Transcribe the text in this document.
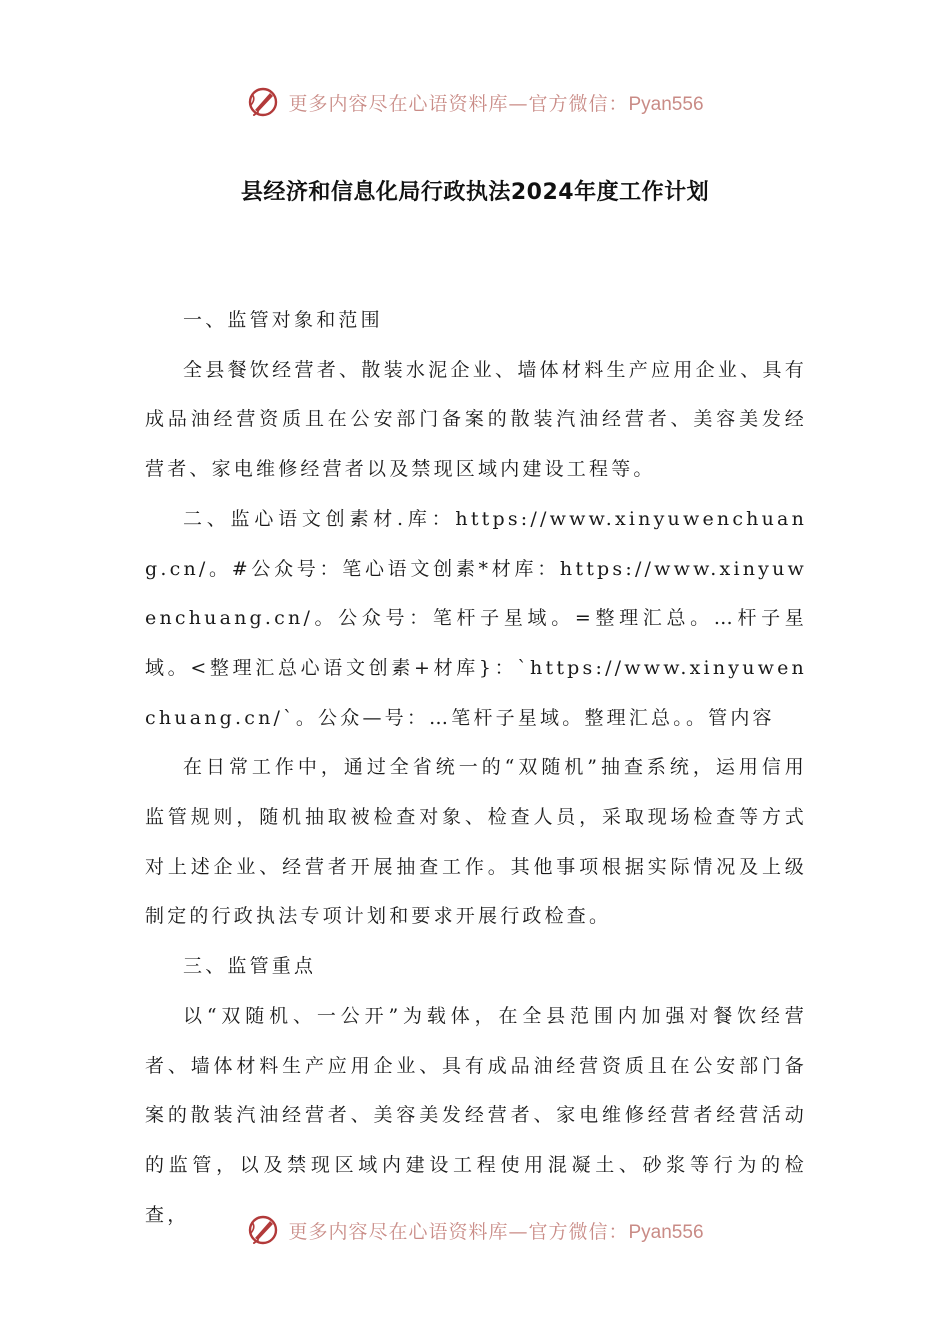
更多内容尽在心语资料库—官方微信：Pyan556
县经济和信息化局行政执法2024年度工作计划

一、监管对象和范围

全县餐饮经营者、散装水泥企业、墙体材料生产应用企业、具有成品油经营资质且在公安部门备案的散装汽油经营者、美容美发经营者、家电维修经营者以及禁现区域内建设工程等。

二、监心语文创素材.库：https://www.xinyuwenchuang.cn/。#公众号：笔心语文创素*材库：https://www.xinyuwenchuang.cn/。公众号：笔杆子星域。=整理汇总。…杆子星域。<整理汇总心语文创素+材库}：`https://www.xinyuwenchuang.cn/`。公众—号：…笔杆子星域。整理汇总。。管内容

在日常工作中，通过全省统一的“双随机”抽查系统，运用信用监管规则，随机抽取被检查对象、检查人员，采取现场检查等方式对上述企业、经营者开展抽查工作。其他事项根据实际情况及上级制定的行政执法专项计划和要求开展行政检查。

三、监管重点

以“双随机、一公开”为载体，在全县范围内加强对餐饮经营者、墙体材料生产应用企业、具有成品油经营资质且在公安部门备案的散装汽油经营者、美容美发经营者、家电维修经营者经营活动的监管，以及禁现区域内建设工程使用混凝土、砂浆等行为的检查，

更多内容尽在心语资料库—官方微信：Pyan556
